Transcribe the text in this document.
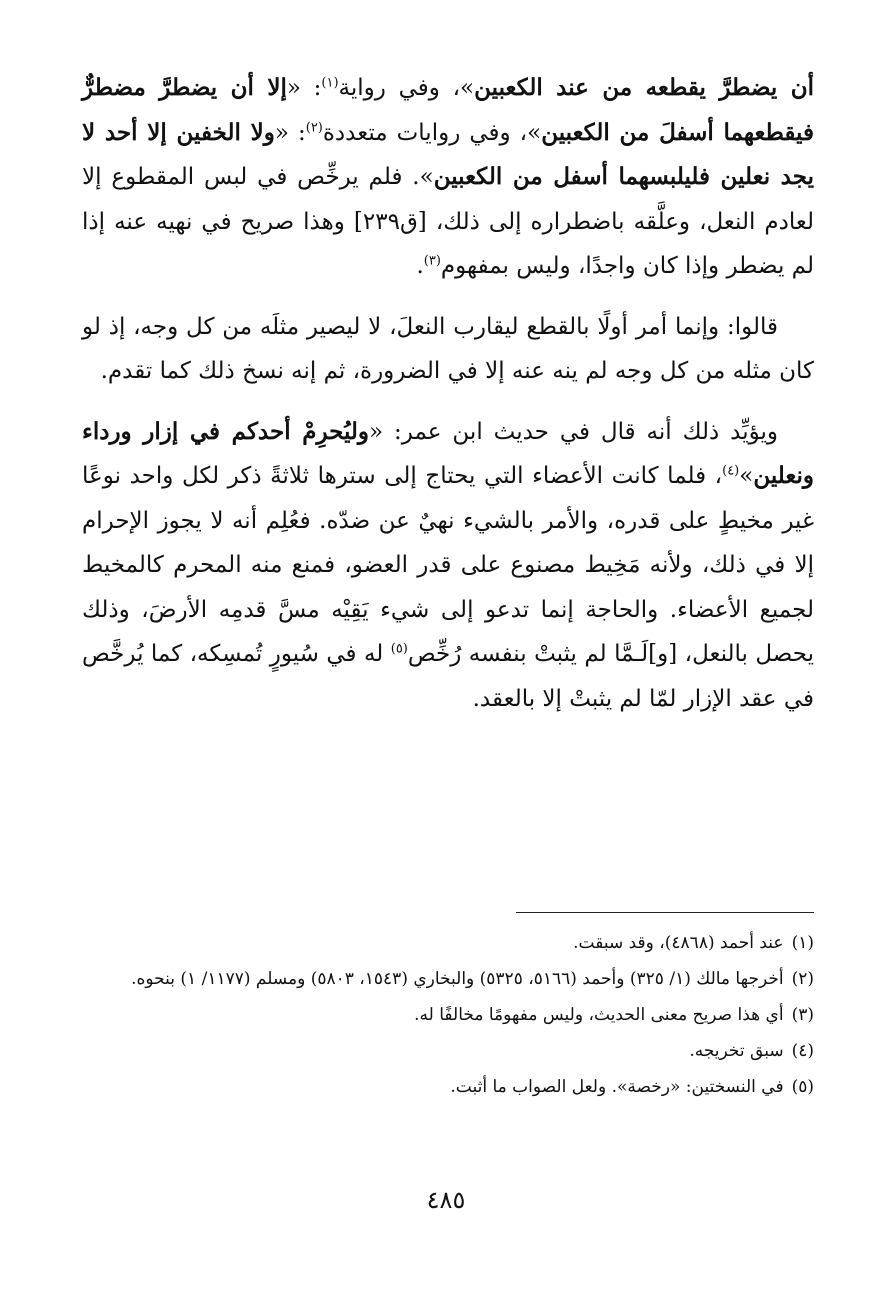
أن يضطرَّ يقطعه من عند الكعبين»، وفي رواية$^{(١)}$: «إلا أن يضطرَّ مضطرٌّ فيقطعهما أسفلَ من الكعبين»، وفي روايات متعددة$^{(٢)}$: «ولا الخفين إلا أحد لا يجد نعلين فليلبسهما أسفل من الكعبين». فلم يرخِّص في لبس المقطوع إلا لعادم النعل، وعلَّقه باضطراره إلى ذلك، [ق٢٣٩] وهذا صريح في نهيه عنه إذا لم يضطر وإذا كان واجدًا، وليس بمفهوم$^{(٣)}$.

قالوا: وإنما أمر أولًا بالقطع ليقارب النعلَ، لا ليصير مثلَه من كل وجه، إذ لو كان مثله من كل وجه لم ينه عنه إلا في الضرورة، ثم إنه نسخ ذلك كما تقدم.

ويؤيِّد ذلك أنه قال في حديث ابن عمر: «وليُحرِمْ أحدكم في إزار ورداء ونعلين»$^{(٤)}$، فلما كانت الأعضاء التي يحتاج إلى سترها ثلاثةً ذكر لكل واحد نوعًا غير مخيطٍ على قدره، والأمر بالشيء نهيٌ عن ضدّه. فعُلِم أنه لا يجوز الإحرام إلا في ذلك، ولأنه مَخِيط مصنوع على قدر العضو، فمنع منه المحرم كالمخيط لجميع الأعضاء. والحاجة إنما تدعو إلى شيء يَقِيْه مسَّ قدمِه الأرضَ، وذلك يحصل بالنعل، [و]لَـمَّا لم يثبتْ بنفسه رُخِّص$^{(٥)}$ له في سُيورٍ تُمسِكه، كما يُرخَّص في عقد الإزار لمّا لم يثبتْ إلا بالعقد.

(١)
عند أحمد (٤٨٦٨)، وقد سبقت.
(٢)
أخرجها مالك (١/ ٣٢٥) وأحمد (٥١٦٦، ٥٣٢٥) والبخاري (١٥٤٣، ٥٨٠٣) ومسلم (١١٧٧/ ١) بنحوه.
(٣)
أي هذا صريح معنى الحديث، وليس مفهومًا مخالفًا له.
(٤)
سبق تخريجه.
(٥)
في النسختين: «رخصة». ولعل الصواب ما أثبت.
٤٨٥
